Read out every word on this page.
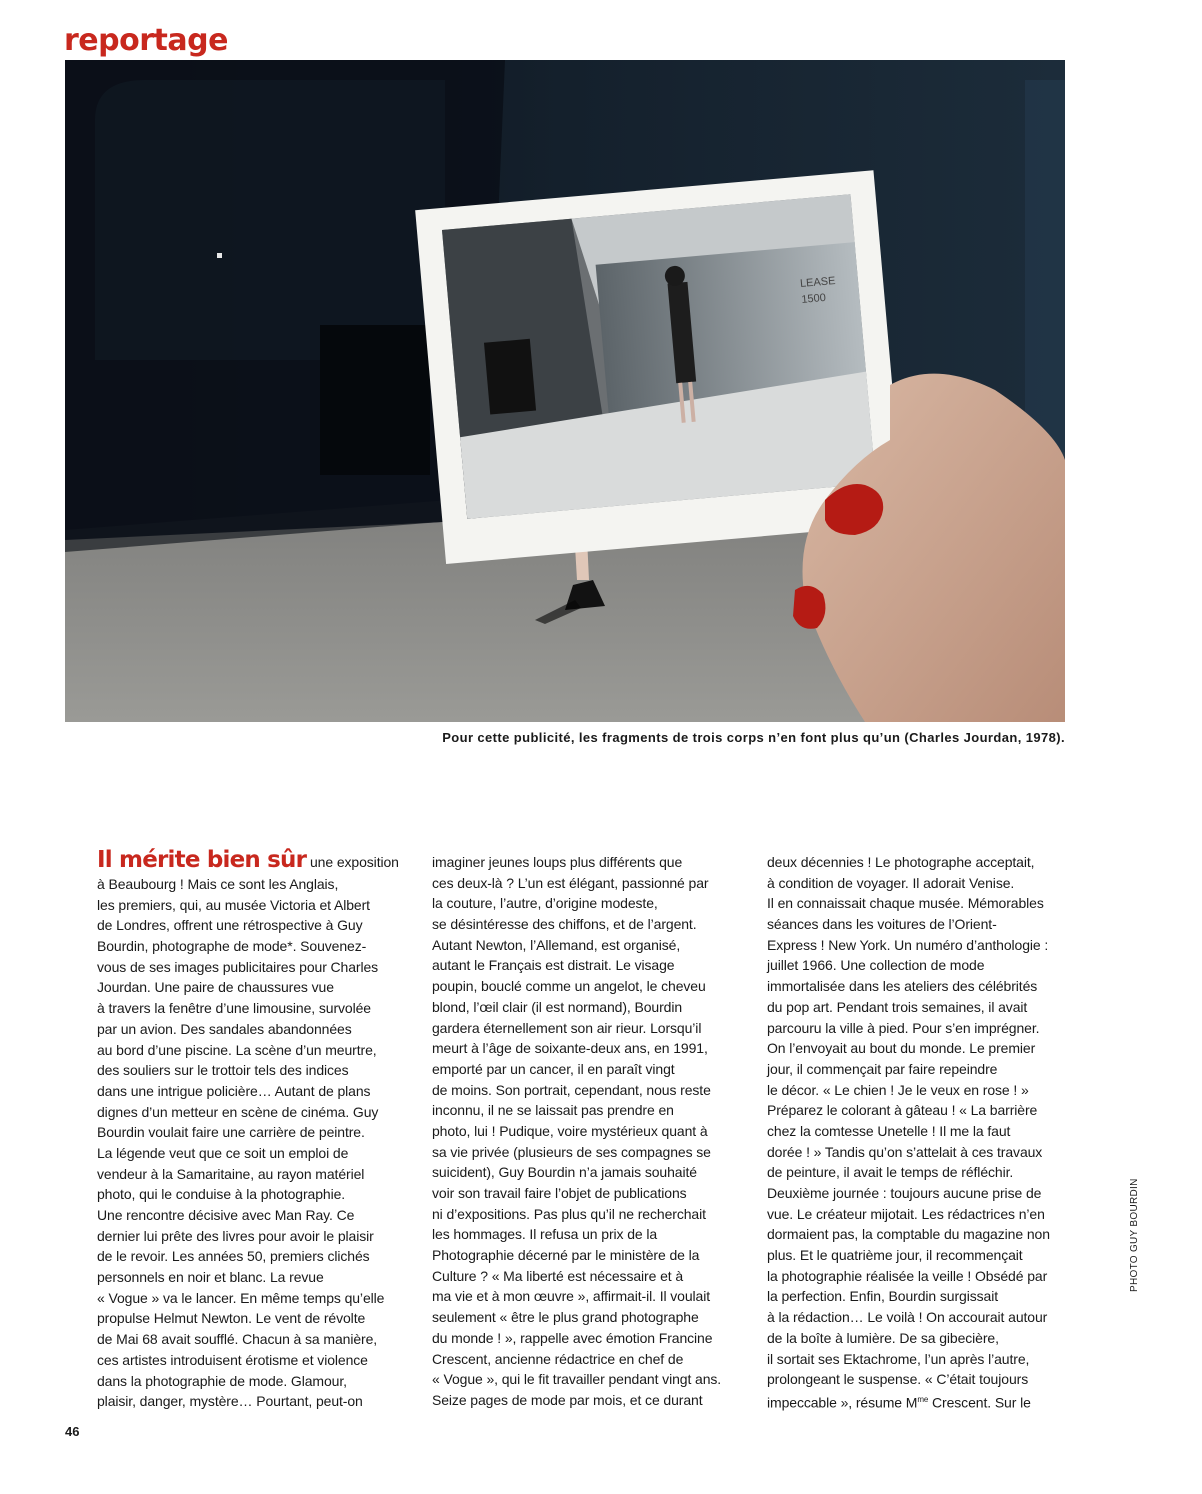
reportage
LEASE
1500
Pour cette publicité, les fragments de trois corps n’en font plus qu’un (Charles Jourdan, 1978).
Il mérite bien sûr une exposition
à Beaubourg ! Mais ce sont les Anglais,
les premiers, qui, au musée Victoria et Albert
de Londres, offrent une rétrospective à Guy
Bourdin, photographe de mode*. Souvenez-
vous de ses images publicitaires pour Charles
Jourdan. Une paire de chaussures vue
à travers la fenêtre d’une limousine, survolée
par un avion. Des sandales abandonnées
au bord d’une piscine. La scène d’un meurtre,
des souliers sur le trottoir tels des indices
dans une intrigue policière… Autant de plans
dignes d’un metteur en scène de cinéma. Guy
Bourdin voulait faire une carrière de peintre.
La légende veut que ce soit un emploi de
vendeur à la Samaritaine, au rayon matériel
photo, qui le conduise à la photographie.
Une rencontre décisive avec Man Ray. Ce
dernier lui prête des livres pour avoir le plaisir
de le revoir. Les années 50, premiers clichés
personnels en noir et blanc. La revue
« Vogue » va le lancer. En même temps qu’elle
propulse Helmut Newton. Le vent de révolte
de Mai 68 avait soufflé. Chacun à sa manière,
ces artistes introduisent érotisme et violence
dans la photographie de mode. Glamour,
plaisir, danger, mystère… Pourtant, peut-on
imaginer jeunes loups plus différents que
ces deux-là ? L’un est élégant, passionné par
la couture, l’autre, d’origine modeste,
se désintéresse des chiffons, et de l’argent.
Autant Newton, l’Allemand, est organisé,
autant le Français est distrait. Le visage
poupin, bouclé comme un angelot, le cheveu
blond, l’œil clair (il est normand), Bourdin
gardera éternellement son air rieur. Lorsqu’il
meurt à l’âge de soixante-deux ans, en 1991,
emporté par un cancer, il en paraît vingt
de moins. Son portrait, cependant, nous reste
inconnu, il ne se laissait pas prendre en
photo, lui ! Pudique, voire mystérieux quant à
sa vie privée (plusieurs de ses compagnes se
suicident), Guy Bourdin n’a jamais souhaité
voir son travail faire l’objet de publications
ni d’expositions. Pas plus qu’il ne recherchait
les hommages. Il refusa un prix de la
Photographie décerné par le ministère de la
Culture ? « Ma liberté est nécessaire et à
ma vie et à mon œuvre », affirmait-il. Il voulait
seulement « être le plus grand photographe
du monde ! », rappelle avec émotion Francine
Crescent, ancienne rédactrice en chef de
« Vogue », qui le fit travailler pendant vingt ans.
Seize pages de mode par mois, et ce durant
deux décennies ! Le photographe acceptait,
à condition de voyager. Il adorait Venise.
Il en connaissait chaque musée. Mémorables
séances dans les voitures de l’Orient-
Express ! New York. Un numéro d’anthologie :
juillet 1966. Une collection de mode
immortalisée dans les ateliers des célébrités
du pop art. Pendant trois semaines, il avait
parcouru la ville à pied. Pour s’en imprégner.
On l’envoyait au bout du monde. Le premier
jour, il commençait par faire repeindre
le décor. « Le chien ! Je le veux en rose ! »
Préparez le colorant à gâteau ! « La barrière
chez la comtesse Unetelle ! Il me la faut
dorée ! » Tandis qu’on s’attelait à ces travaux
de peinture, il avait le temps de réfléchir.
Deuxième journée : toujours aucune prise de
vue. Le créateur mijotait. Les rédactrices n’en
dormaient pas, la comptable du magazine non
plus. Et le quatrième jour, il recommençait
la photographie réalisée la veille ! Obsédé par
la perfection. Enfin, Bourdin surgissait
à la rédaction… Le voilà ! On accourait autour
de la boîte à lumière. De sa gibecière,
il sortait ses Ektachrome, l’un après l’autre,
prolongeant le suspense. « C’était toujours
impeccable », résume $M^{me}$ Crescent. Sur le
PHOTO GUY BOURDIN
46
